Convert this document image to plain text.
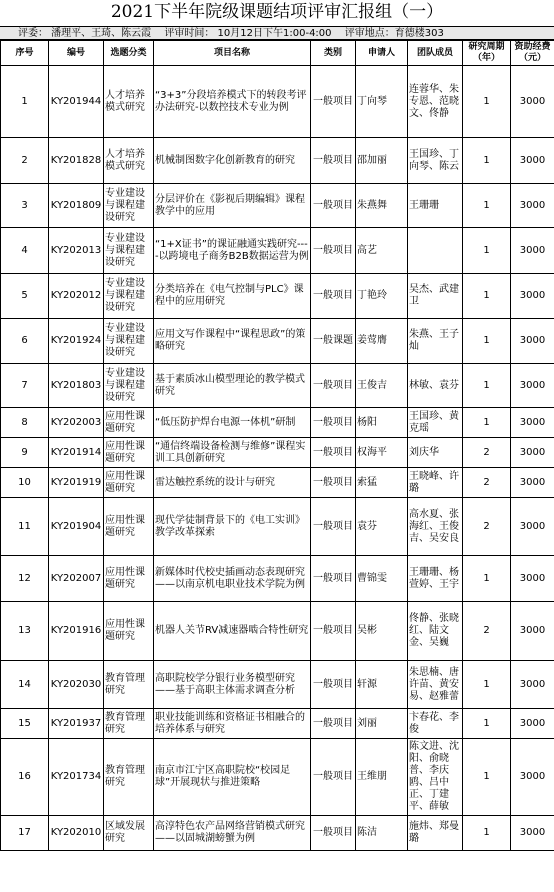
2021下半年院级课题结项评审汇报组（一）
评委： 潘理平、王琦、陈云霞 评审时间： 10月12日下午1:00-4:00 评审地点：育德楼303
序号	编号	选题分类	项目名称	类别	申请人	团队成员	研究周期（年）	资助经费（元）
1	KY201944	人才培养模式研究	“3+3”分段培养模式下的转段考评办法研究-以数控技术专业为例	一般项目	丁向琴	连蓉华、朱专恩、范晓文、佟静	1	3000
2	KY201828	人才培养模式研究	机械制图数字化创新教育的研究	一般项目	邵加丽	王国珍、丁向琴、陈云	1	3000
3	KY201809	专业建设与课程建设研究	分层评价在《影视后期编辑》课程教学中的应用	一般项目	朱燕舞	王珊珊	1	3000
4	KY202013	专业建设与课程建设研究	“1+X证书”的课证融通实践研究----以跨境电子商务B2B数据运营为例	一般项目	高艺		1	3000
5	KY202012	专业建设与课程建设研究	分类培养在《电气控制与PLC》课程中的应用研究	一般项目	丁艳玲	吴杰、武建卫	1	3000
6	KY201924	专业建设与课程建设研究	应用文写作课程中“课程思政”的策略研究	一般课题	姜莺膺	朱燕、王子灿	1	3000
7	KY201803	专业建设与课程建设研究	基于素质冰山模型理论的教学模式研究	一般项目	王俊吉	林敏、袁芬	1	3000
8	KY202003	应用性课题研究	“低压防护焊台电源一体机”研制	一般项目	杨阳	王国珍、黄克瑶	1	3000
9	KY201914	应用性课题研究	“通信终端设备检测与维修”课程实训工具创新研究	一般项目	权海平	刘庆华	2	3000
10	KY201919	应用性课题研究	雷达触控系统的设计与研究	一般项目	索猛	王晓峰、许璐	2	3000
11	KY201904	应用性课题研究	现代学徒制背景下的《电工实训》教学改革探索	一般项目	袁芬	高水夏、张海红、王俊吉、吴安良	2	3000
12	KY202007	应用性课题研究	新媒体时代校史插画动态表现研究——以南京机电职业技术学院为例	一般项目	曹锦雯	王珊珊、杨萱婷、王宇	1	3000
13	KY201916	应用性课题研究	机器人关节RV减速器啮合特性研究	一般项目	吴彬	佟静、张晓红、陆文金、吴巍	2	3000
14	KY202030	教育管理研究	高职院校学分银行业务模型研究——基于高职主体需求调查分析	一般项目	轩源	朱思楠、唐许苗、黄安易、赵雅蕾	1	3000
15	KY201937	教育管理研究	职业技能训练和资格证书相融合的培养体系与研究	一般项目	刘丽	卞春花、李俊	1	3000
16	KY201734	教育管理研究	南京市江宁区高职院校“校园足球”开展现状与推进策略	一般项目	王维朋	陈文进、沈阳、俞晓普、李庆鸥、吕中正、丁建平、薛敏	1	3000
17	KY202010	区域发展研究	高淳特色农产品网络营销模式研究——以固城湖螃蟹为例	一般项目	陈洁	施炜、郑曼璐	1	3000
